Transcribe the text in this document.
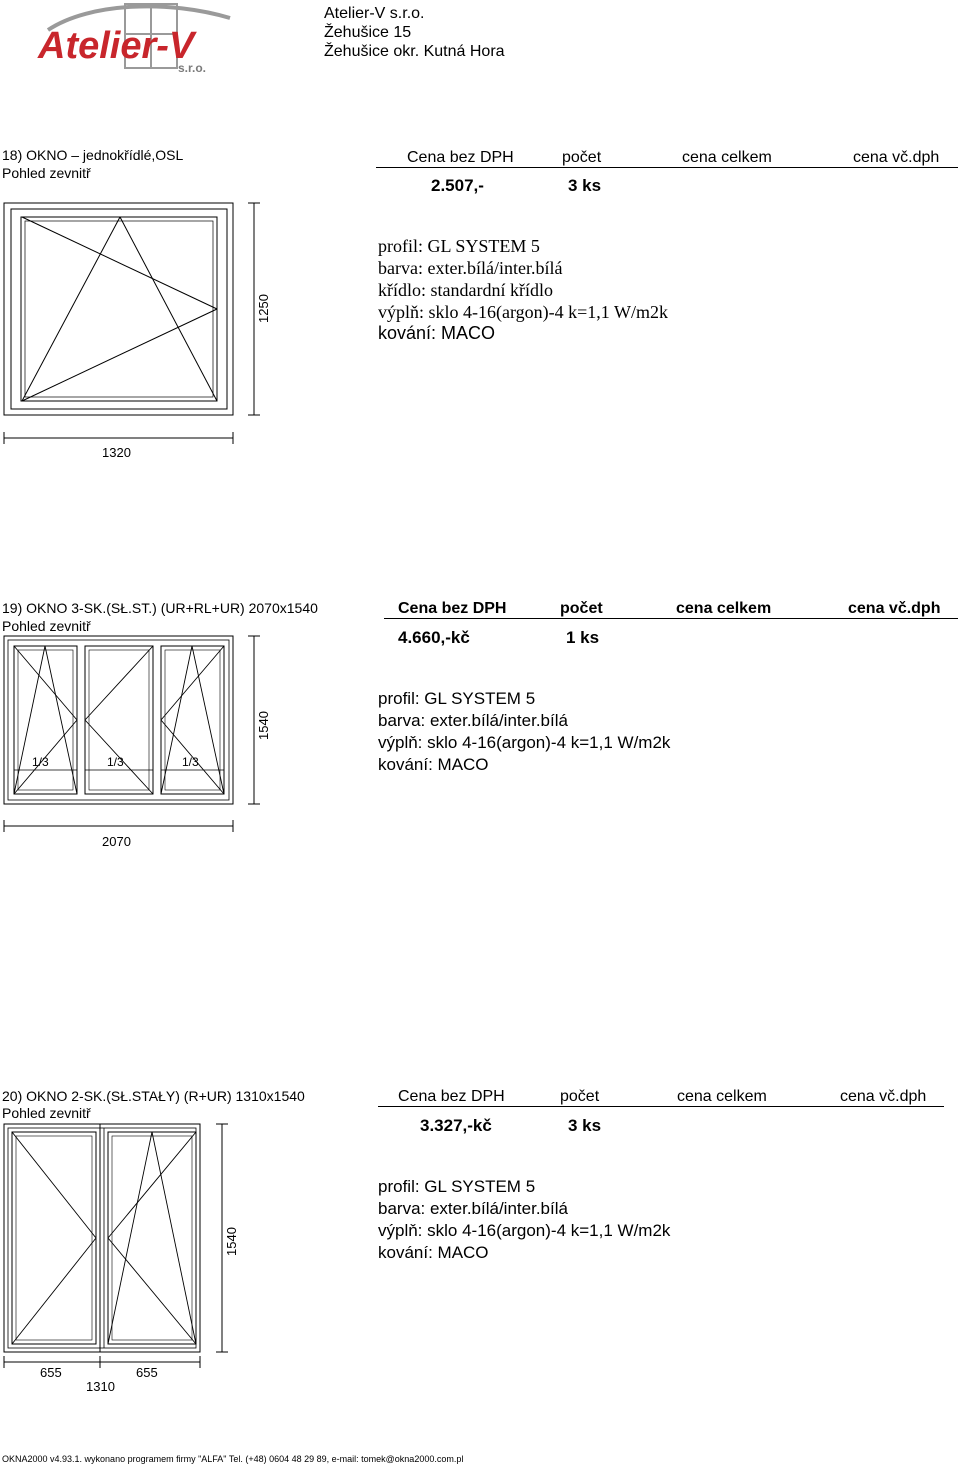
Atelier-V
s.r.o.
Atelier-V s.r.o.
Žehušice 15
Žehušice okr. Kutná Hora
18) OKNO – jednokřídlé,OSL
Pohled zevnitř
Cena bez DPH	počet	cena celkem	cena vč.dph
2.507,-	3 ks
profil: GL SYSTEM 5
barva: exter.bílá/inter.bílá
křídlo: standardní křídlo
výplň: sklo 4-16(argon)-4 k=1,1 W/m2k
kování: MACO
1250
1320
19) OKNO 3-SK.(SŁ.ST.) (UR+RL+UR) 2070x1540
Pohled zevnitř
Cena bez DPH	počet	cena celkem	cena vč.dph
4.660,-kč	1 ks
profil: GL SYSTEM 5
barva: exter.bílá/inter.bílá
výplň: sklo 4-16(argon)-4 k=1,1 W/m2k
kování: MACO
1/3	1/3	1/3
1540
2070
20) OKNO 2-SK.(SŁ.STAŁY) (R+UR) 1310x1540
Pohled zevnitř
Cena bez DPH	počet	cena celkem	cena vč.dph
3.327,-kč	3 ks
profil: GL SYSTEM 5
barva: exter.bílá/inter.bílá
výplň: sklo 4-16(argon)-4 k=1,1 W/m2k
kování: MACO
1540
655	655
1310
OKNA2000 v4.93.1. wykonano programem firmy "ALFA" Tel. (+48) 0604 48 29 89, e-mail: tomek@okna2000.com.pl
